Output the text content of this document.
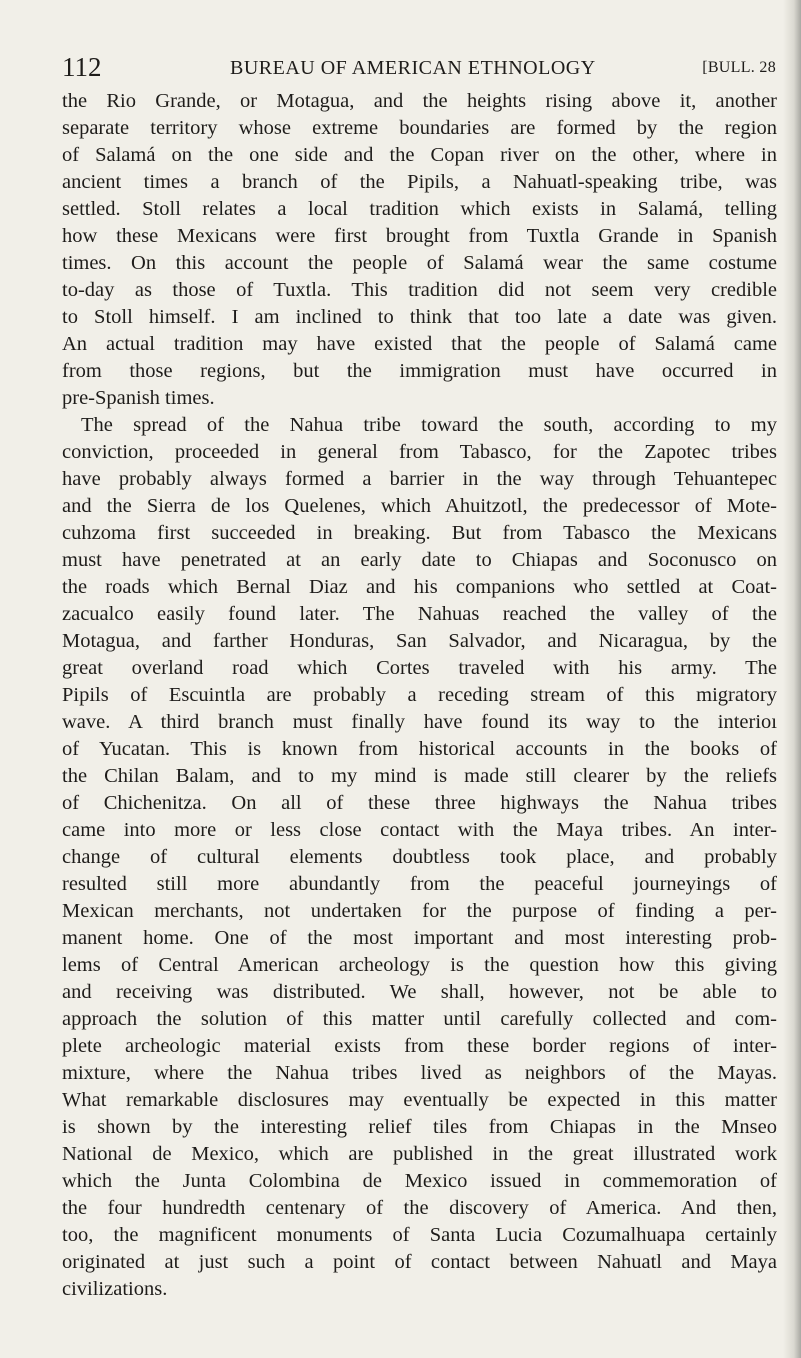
112	BUREAU OF AMERICAN ETHNOLOGY	[BULL. 28
the Rio Grande, or Motagua, and the heights rising above it, another
separate territory whose extreme boundaries are formed by the region
of Salamá on the one side and the Copan river on the other, where in
ancient times a branch of the Pipils, a Nahuatl-speaking tribe, was
settled. Stoll relates a local tradition which exists in Salamá, telling
how these Mexicans were first brought from Tuxtla Grande in Spanish
times. On this account the people of Salamá wear the same costume
to-day as those of Tuxtla. This tradition did not seem very credible
to Stoll himself. I am inclined to think that too late a date was given.
An actual tradition may have existed that the people of Salamá came
from those regions, but the immigration must have occurred in
pre-Spanish times.
The spread of the Nahua tribe toward the south, according to my
conviction, proceeded in general from Tabasco, for the Zapotec tribes
have probably always formed a barrier in the way through Tehuantepec
and the Sierra de los Quelenes, which Ahuitzotl, the predecessor of Mote-
cuhzoma first succeeded in breaking. But from Tabasco the Mexicans
must have penetrated at an early date to Chiapas and Soconusco on
the roads which Bernal Diaz and his companions who settled at Coat-
zacualco easily found later. The Nahuas reached the valley of the
Motagua, and farther Honduras, San Salvador, and Nicaragua, by the
great overland road which Cortes traveled with his army. The
Pipils of Escuintla are probably a receding stream of this migratory
wave. A third branch must finally have found its way to the interioı
of Yucatan. This is known from historical accounts in the books of
the Chilan Balam, and to my mind is made still clearer by the reliefs
of Chichenitza. On all of these three highways the Nahua tribes
came into more or less close contact with the Maya tribes. An inter-
change of cultural elements doubtless took place, and probably
resulted still more abundantly from the peaceful journeyings of
Mexican merchants, not undertaken for the purpose of finding a per-
manent home. One of the most important and most interesting prob-
lems of Central American archeology is the question how this giving
and receiving was distributed. We shall, however, not be able to
approach the solution of this matter until carefully collected and com-
plete archeologic material exists from these border regions of inter-
mixture, where the Nahua tribes lived as neighbors of the Mayas.
What remarkable disclosures may eventually be expected in this matter
is shown by the interesting relief tiles from Chiapas in the Mnseo
National de Mexico, which are published in the great illustrated work
which the Junta Colombina de Mexico issued in commemoration of
the four hundredth centenary of the discovery of America. And then,
too, the magnificent monuments of Santa Lucia Cozumalhuapa certainly
originated at just such a point of contact between Nahuatl and Maya
civilizations.
